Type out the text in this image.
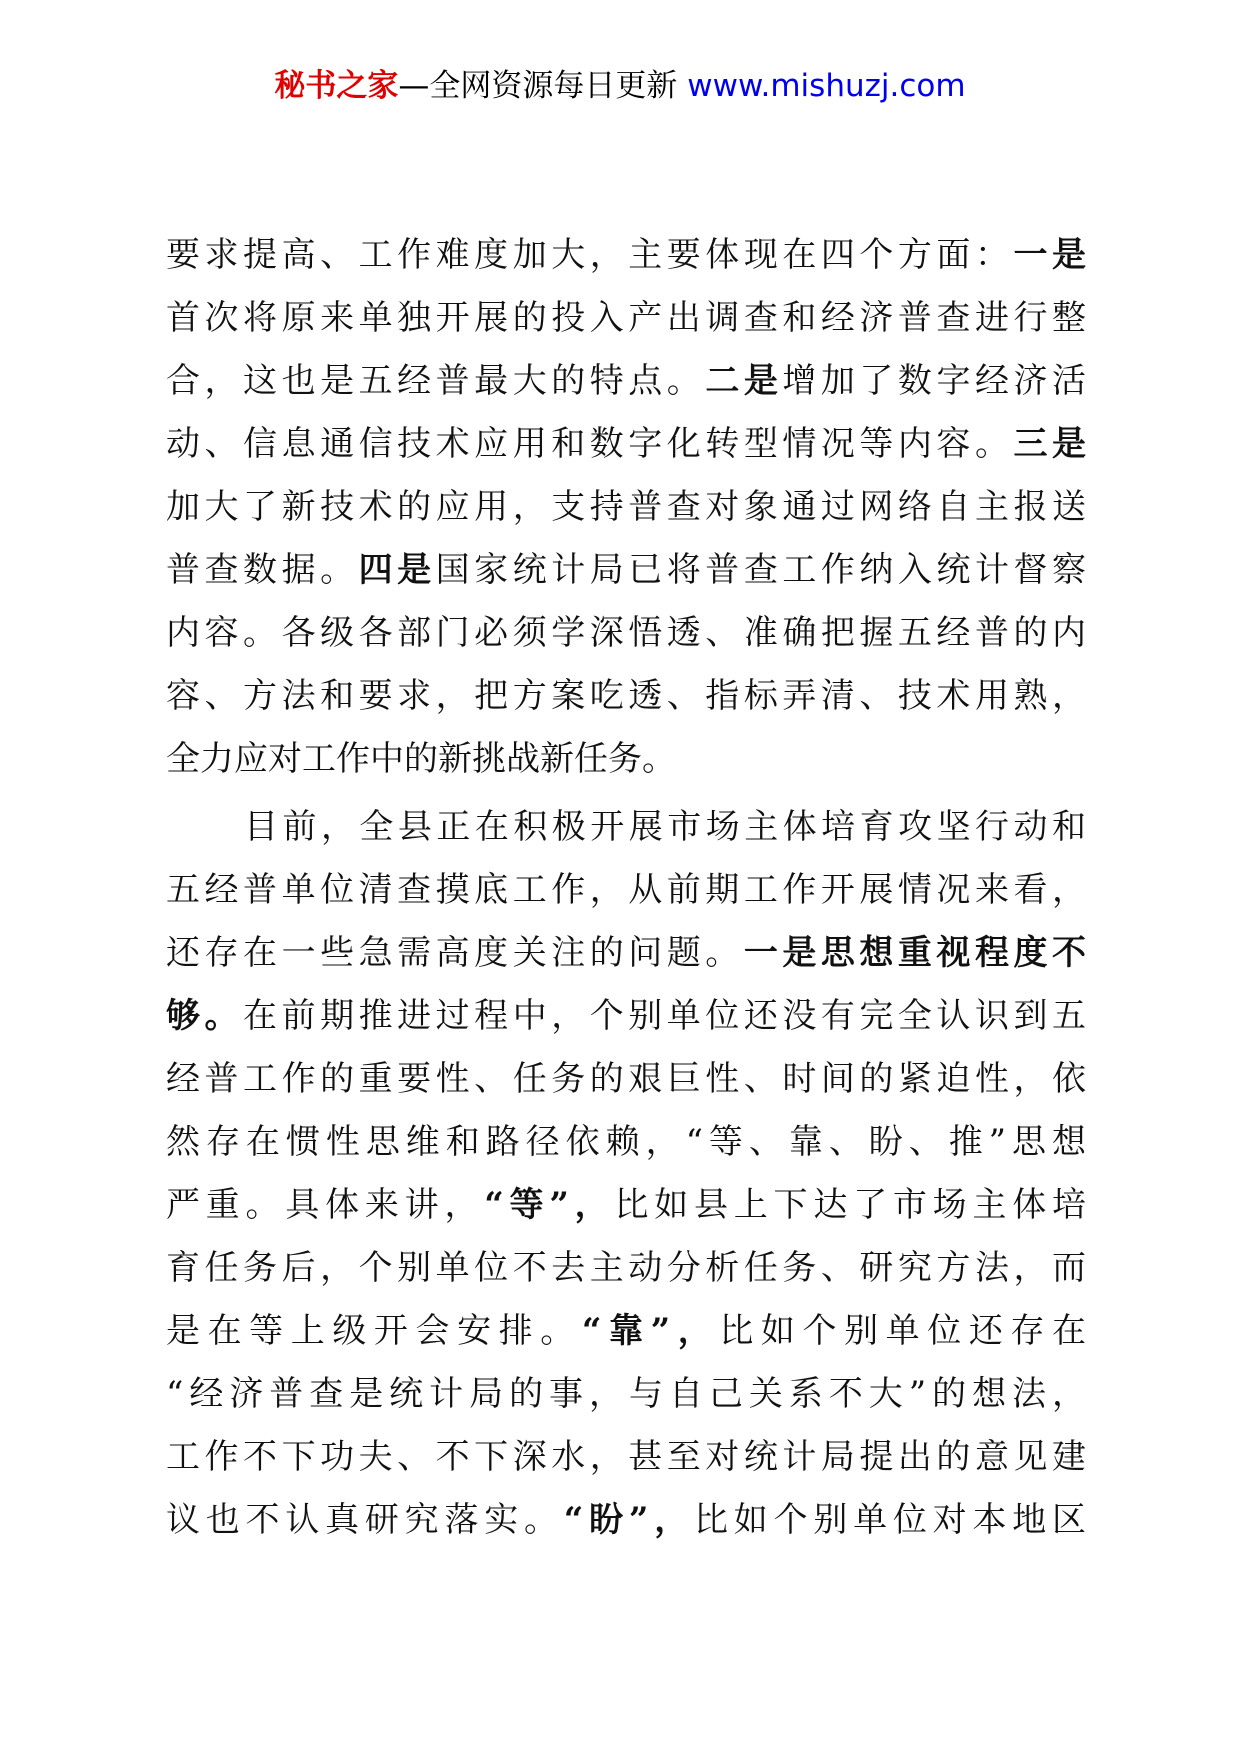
秘书之家—全网资源每日更新 www.mishuzj.com
要求提高、工作难度加大，主要体现在四个方面：一是
首次将原来单独开展的投入产出调查和经济普查进行整
合，这也是五经普最大的特点。二是增加了数字经济活
动、信息通信技术应用和数字化转型情况等内容。三是
加大了新技术的应用，支持普查对象通过网络自主报送
普查数据。四是国家统计局已将普查工作纳入统计督察
内容。各级各部门必须学深悟透、准确把握五经普的内
容、方法和要求，把方案吃透、指标弄清、技术用熟，
全力应对工作中的新挑战新任务。
目前，全县正在积极开展市场主体培育攻坚行动和
五经普单位清查摸底工作，从前期工作开展情况来看，
还存在一些急需高度关注的问题。一是思想重视程度不
够。在前期推进过程中，个别单位还没有完全认识到五
经普工作的重要性、任务的艰巨性、时间的紧迫性，依
然存在惯性思维和路径依赖，“等、靠、盼、推”思想
严重。具体来讲，“等”，比如县上下达了市场主体培
育任务后，个别单位不去主动分析任务、研究方法，而
是在等上级开会安排。“靠”，比如个别单位还存在
“经济普查是统计局的事，与自己关系不大”的想法，
工作不下功夫、不下深水，甚至对统计局提出的意见建
议也不认真研究落实。“盼”，比如个别单位对本地区
